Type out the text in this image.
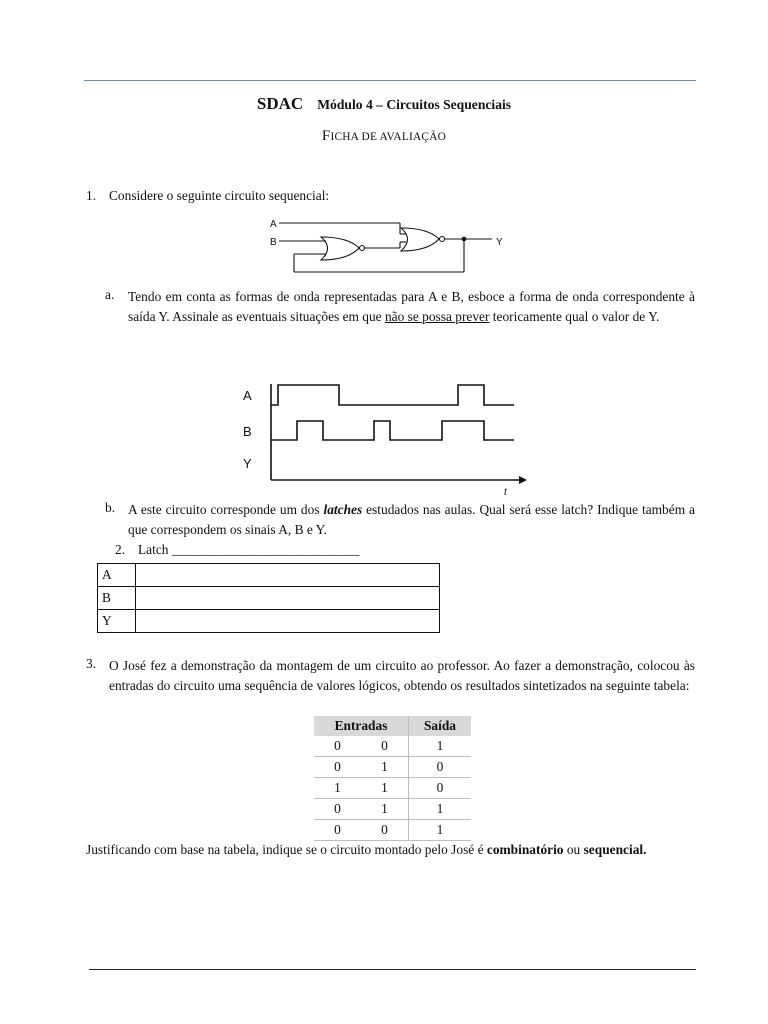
SDAC Módulo 4 – Circuitos Sequenciais
FICHA DE AVALIAÇÃO
1. Considere o seguinte circuito sequencial:
A
B	Y
a. Tendo em conta as formas de onda representadas para A e B, esboce a forma de onda correspondente à saída Y. Assinale as eventuais situações em que não se possa prever teoricamente qual o valor de Y.
A
B
Y
t
b. A este circuito corresponde um dos latches estudados nas aulas. Qual será esse latch? Indique também a que correspondem os sinais A, B e Y.
2. Latch ____________________________
A	
B	
Y	
3. O José fez a demonstração da montagem de um circuito ao professor. Ao fazer a demonstração, colocou às entradas do circuito uma sequência de valores lógicos, obtendo os resultados sintetizados na seguinte tabela:
Entradas		Saída
0	0	1
0	1	0
1	1	0
0	1	1
0	0	1
Justificando com base na tabela, indique se o circuito montado pelo José é combinatório ou sequencial.
